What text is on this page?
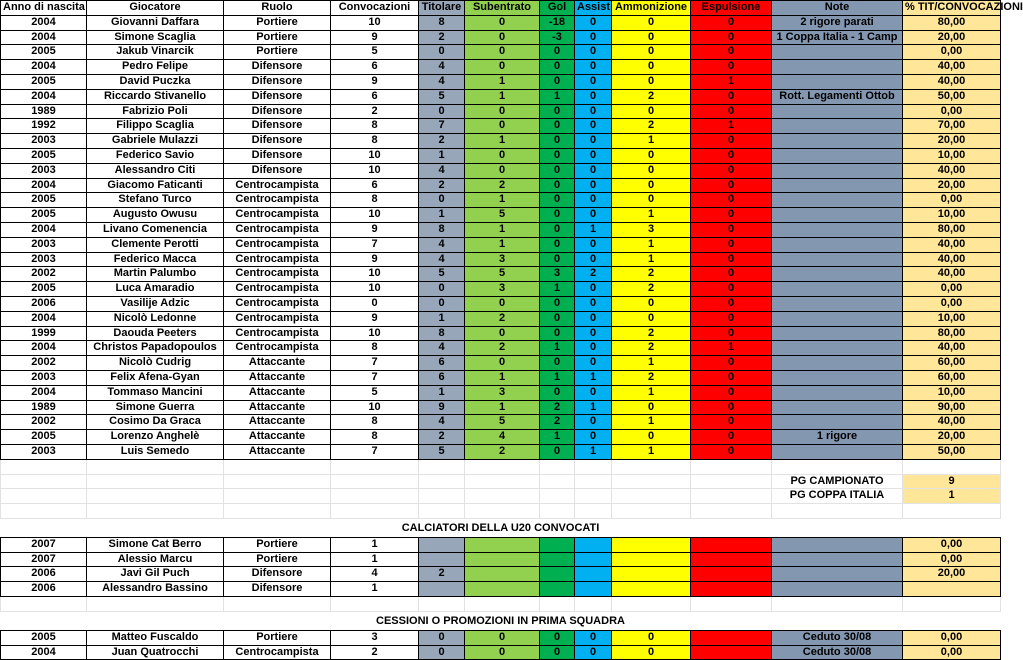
Anno di nascita	Giocatore	Ruolo	Convocazioni	Titolare	Subentrato	Gol	Assist	Ammonizione	Espulsione	Note	% TIT/CONVOCAZIONI
2004	Giovanni Daffara	Portiere	10	8	0	-18	0	0	0	2 rigore parati	80,00
2004	Simone Scaglia	Portiere	9	2	0	-3	0	0	0	1 Coppa Italia - 1 Camp	20,00
2005	Jakub Vinarcik	Portiere	5	0	0	0	0	0	0		0,00
2004	Pedro Felipe	Difensore	6	4	0	0	0	0	0		40,00
2005	David Puczka	Difensore	9	4	1	0	0	0	1		40,00
2004	Riccardo Stivanello	Difensore	6	5	1	1	0	2	0	Rott. Legamenti Ottob	50,00
1989	Fabrizio Poli	Difensore	2	0	0	0	0	0	0		0,00
1992	Filippo Scaglia	Difensore	8	7	0	0	0	2	1		70,00
2003	Gabriele Mulazzi	Difensore	8	2	1	0	0	1	0		20,00
2005	Federico Savio	Difensore	10	1	0	0	0	0	0		10,00
2003	Alessandro Citi	Difensore	10	4	0	0	0	0	0		40,00
2004	Giacomo Faticanti	Centrocampista	6	2	2	0	0	0	0		20,00
2005	Stefano Turco	Centrocampista	8	0	1	0	0	0	0		0,00
2005	Augusto Owusu	Centrocampista	10	1	5	0	0	1	0		10,00
2004	Livano Comenencia	Centrocampista	9	8	1	0	1	3	0		80,00
2003	Clemente Perotti	Centrocampista	7	4	1	0	0	1	0		40,00
2003	Federico Macca	Centrocampista	9	4	3	0	0	1	0		40,00
2002	Martin Palumbo	Centrocampista	10	5	5	3	2	2	0		40,00
2005	Luca Amaradio	Centrocampista	10	0	3	1	0	2	0		0,00
2006	Vasilije Adzic	Centrocampista	0	0	0	0	0	0	0		0,00
2004	Nicolò Ledonne	Centrocampista	9	1	2	0	0	0	0		10,00
1999	Daouda Peeters	Centrocampista	10	8	0	0	0	2	0		80,00
2004	Christos Papadopoulos	Centrocampista	8	4	2	1	0	2	1		40,00
2002	Nicolò Cudrig	Attaccante	7	6	0	0	0	1	0		60,00
2003	Felix Afena-Gyan	Attaccante	7	6	1	1	1	2	0		60,00
2004	Tommaso Mancini	Attaccante	5	1	3	0	0	1	0		10,00
1989	Simone Guerra	Attaccante	10	9	1	2	1	0	0		90,00
2002	Cosimo Da Graca	Attaccante	8	4	5	2	0	1	0		40,00
2005	Lorenzo Anghelè	Attaccante	8	2	4	1	0	0	0	1 rigore	20,00
2003	Luis Semedo	Attaccante	7	5	2	0	1	1	0		50,00

										PG CAMPIONATO	9
										PG COPPA ITALIA	1

CALCIATORI DELLA U20 CONVOCATI											
2007	Simone Cat Berro	Portiere	1								0,00
2007	Alessio Marcu	Portiere	1								0,00
2006	Javi Gil Puch	Difensore	4	2							20,00
2006	Alessandro Bassino	Difensore	1								

CESSIONI O PROMOZIONI IN PRIMA SQUADRA											
2005	Matteo Fuscaldo	Portiere	3	0	0	0	0	0		Ceduto 30/08	0,00
2004	Juan Quatrocchi	Centrocampista	2	0	0	0	0	0		Ceduto 30/08	0,00
